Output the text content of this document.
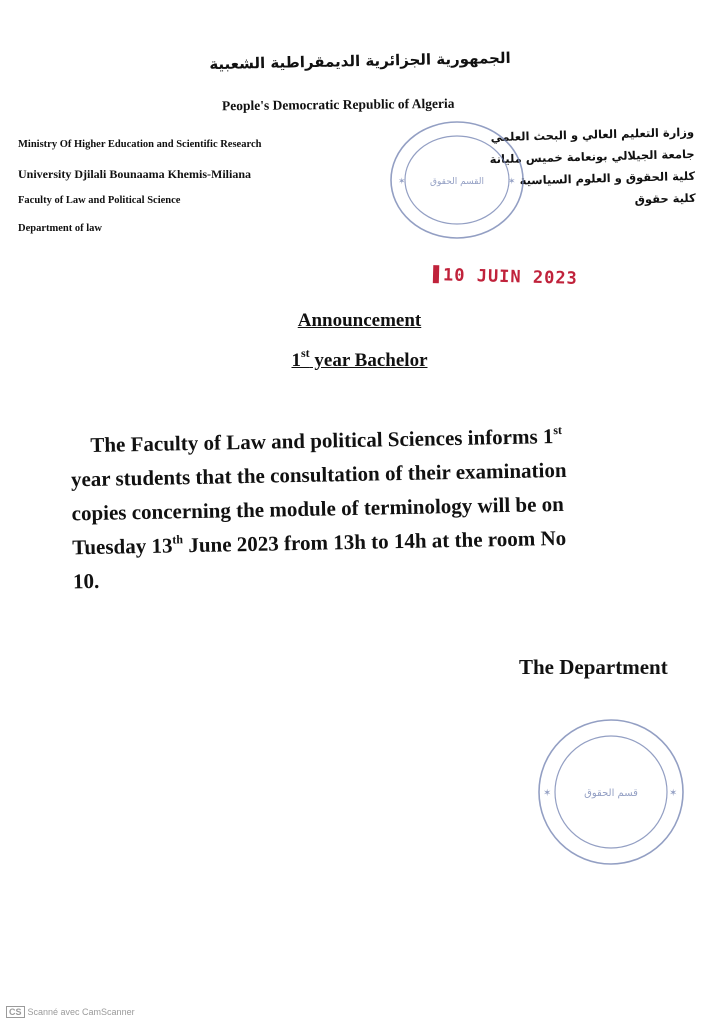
الجمهورية الجزائرية الديمقراطية الشعبية
People's Democratic Republic of Algeria
Ministry Of Higher Education and Scientific Research
University Djilali Bounaama Khemis-Miliana
Faculty of Law and Political Science
Department of law
وزارة التعليم العالي و البحث العلمي
جامعة الجيلالي بونعامة خميس مليانة
كلية الحقوق و العلوم السياسية
كلية حقوق
القسم الحقوق
✶	✶
10 JUIN 2023
Announcement
1st year Bachelor
The Faculty of Law and political Sciences informs 1st
year students that the consultation of their examination
copies concerning the module of terminology will be on
Tuesday 13th June 2023 from 13h to 14h at the room No
10.
The Department
قسم الحقوق
✶	✶
CS Scanné avec CamScanner
